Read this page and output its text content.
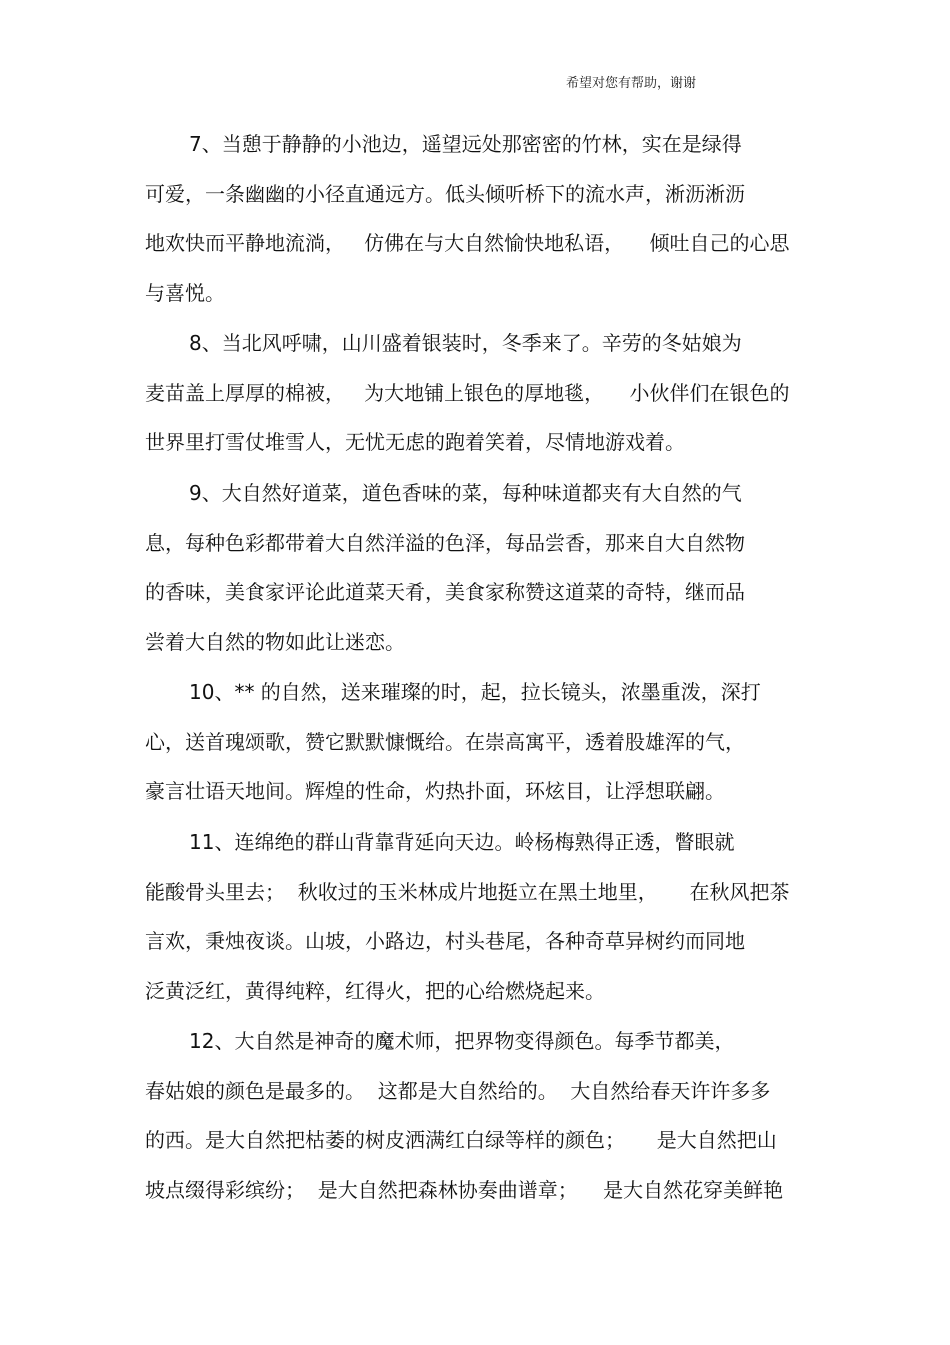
希望对您有帮助，谢谢
7、当憩于静静的小池边，遥望远处那密密的竹林，实在是绿得
可爱，一条幽幽的小径直通远方。低头倾听桥下的流水声，淅沥淅沥
地欢快而平静地流淌，   仿佛在与大自然愉快地私语，    倾吐自己的心思
与喜悦。
8、当北风呼啸，山川盛着银装时，冬季来了。辛劳的冬姑娘为
麦苗盖上厚厚的棉被，   为大地铺上银色的厚地毯，    小伙伴们在银色的
世界里打雪仗堆雪人，无忧无虑的跑着笑着，尽情地游戏着。
9、大自然好道菜，道色香味的菜，每种味道都夹有大自然的气
息，每种色彩都带着大自然洋溢的色泽，每品尝香，那来自大自然物
的香味，美食家评论此道菜天肴，美食家称赞这道菜的奇特，继而品
尝着大自然的物如此让迷恋。
10、** 的自然，送来璀璨的时，起，拉长镜头，浓墨重泼，深打
心，送首瑰颂歌，赞它默默慷慨给。在崇高寓平，透着股雄浑的气，
豪言壮语天地间。辉煌的性命，灼热扑面，环炫目，让浮想联翩。
11、连绵绝的群山背靠背延向天边。岭杨梅熟得正透，瞥眼就
能酸骨头里去；  秋收过的玉米林成片地挺立在黑土地里，     在秋风把茶
言欢，秉烛夜谈。山坡，小路边，村头巷尾，各种奇草异树约而同地
泛黄泛红，黄得纯粹，红得火，把的心给燃烧起来。
12、大自然是神奇的魔术师，把界物变得颜色。每季节都美，
春姑娘的颜色是最多的。  这都是大自然给的。  大自然给春天许许多多
的西。是大自然把枯萎的树皮洒满红白绿等样的颜色；     是大自然把山
坡点缀得彩缤纷；  是大自然把森林协奏曲谱章；    是大自然花穿美鲜艳
